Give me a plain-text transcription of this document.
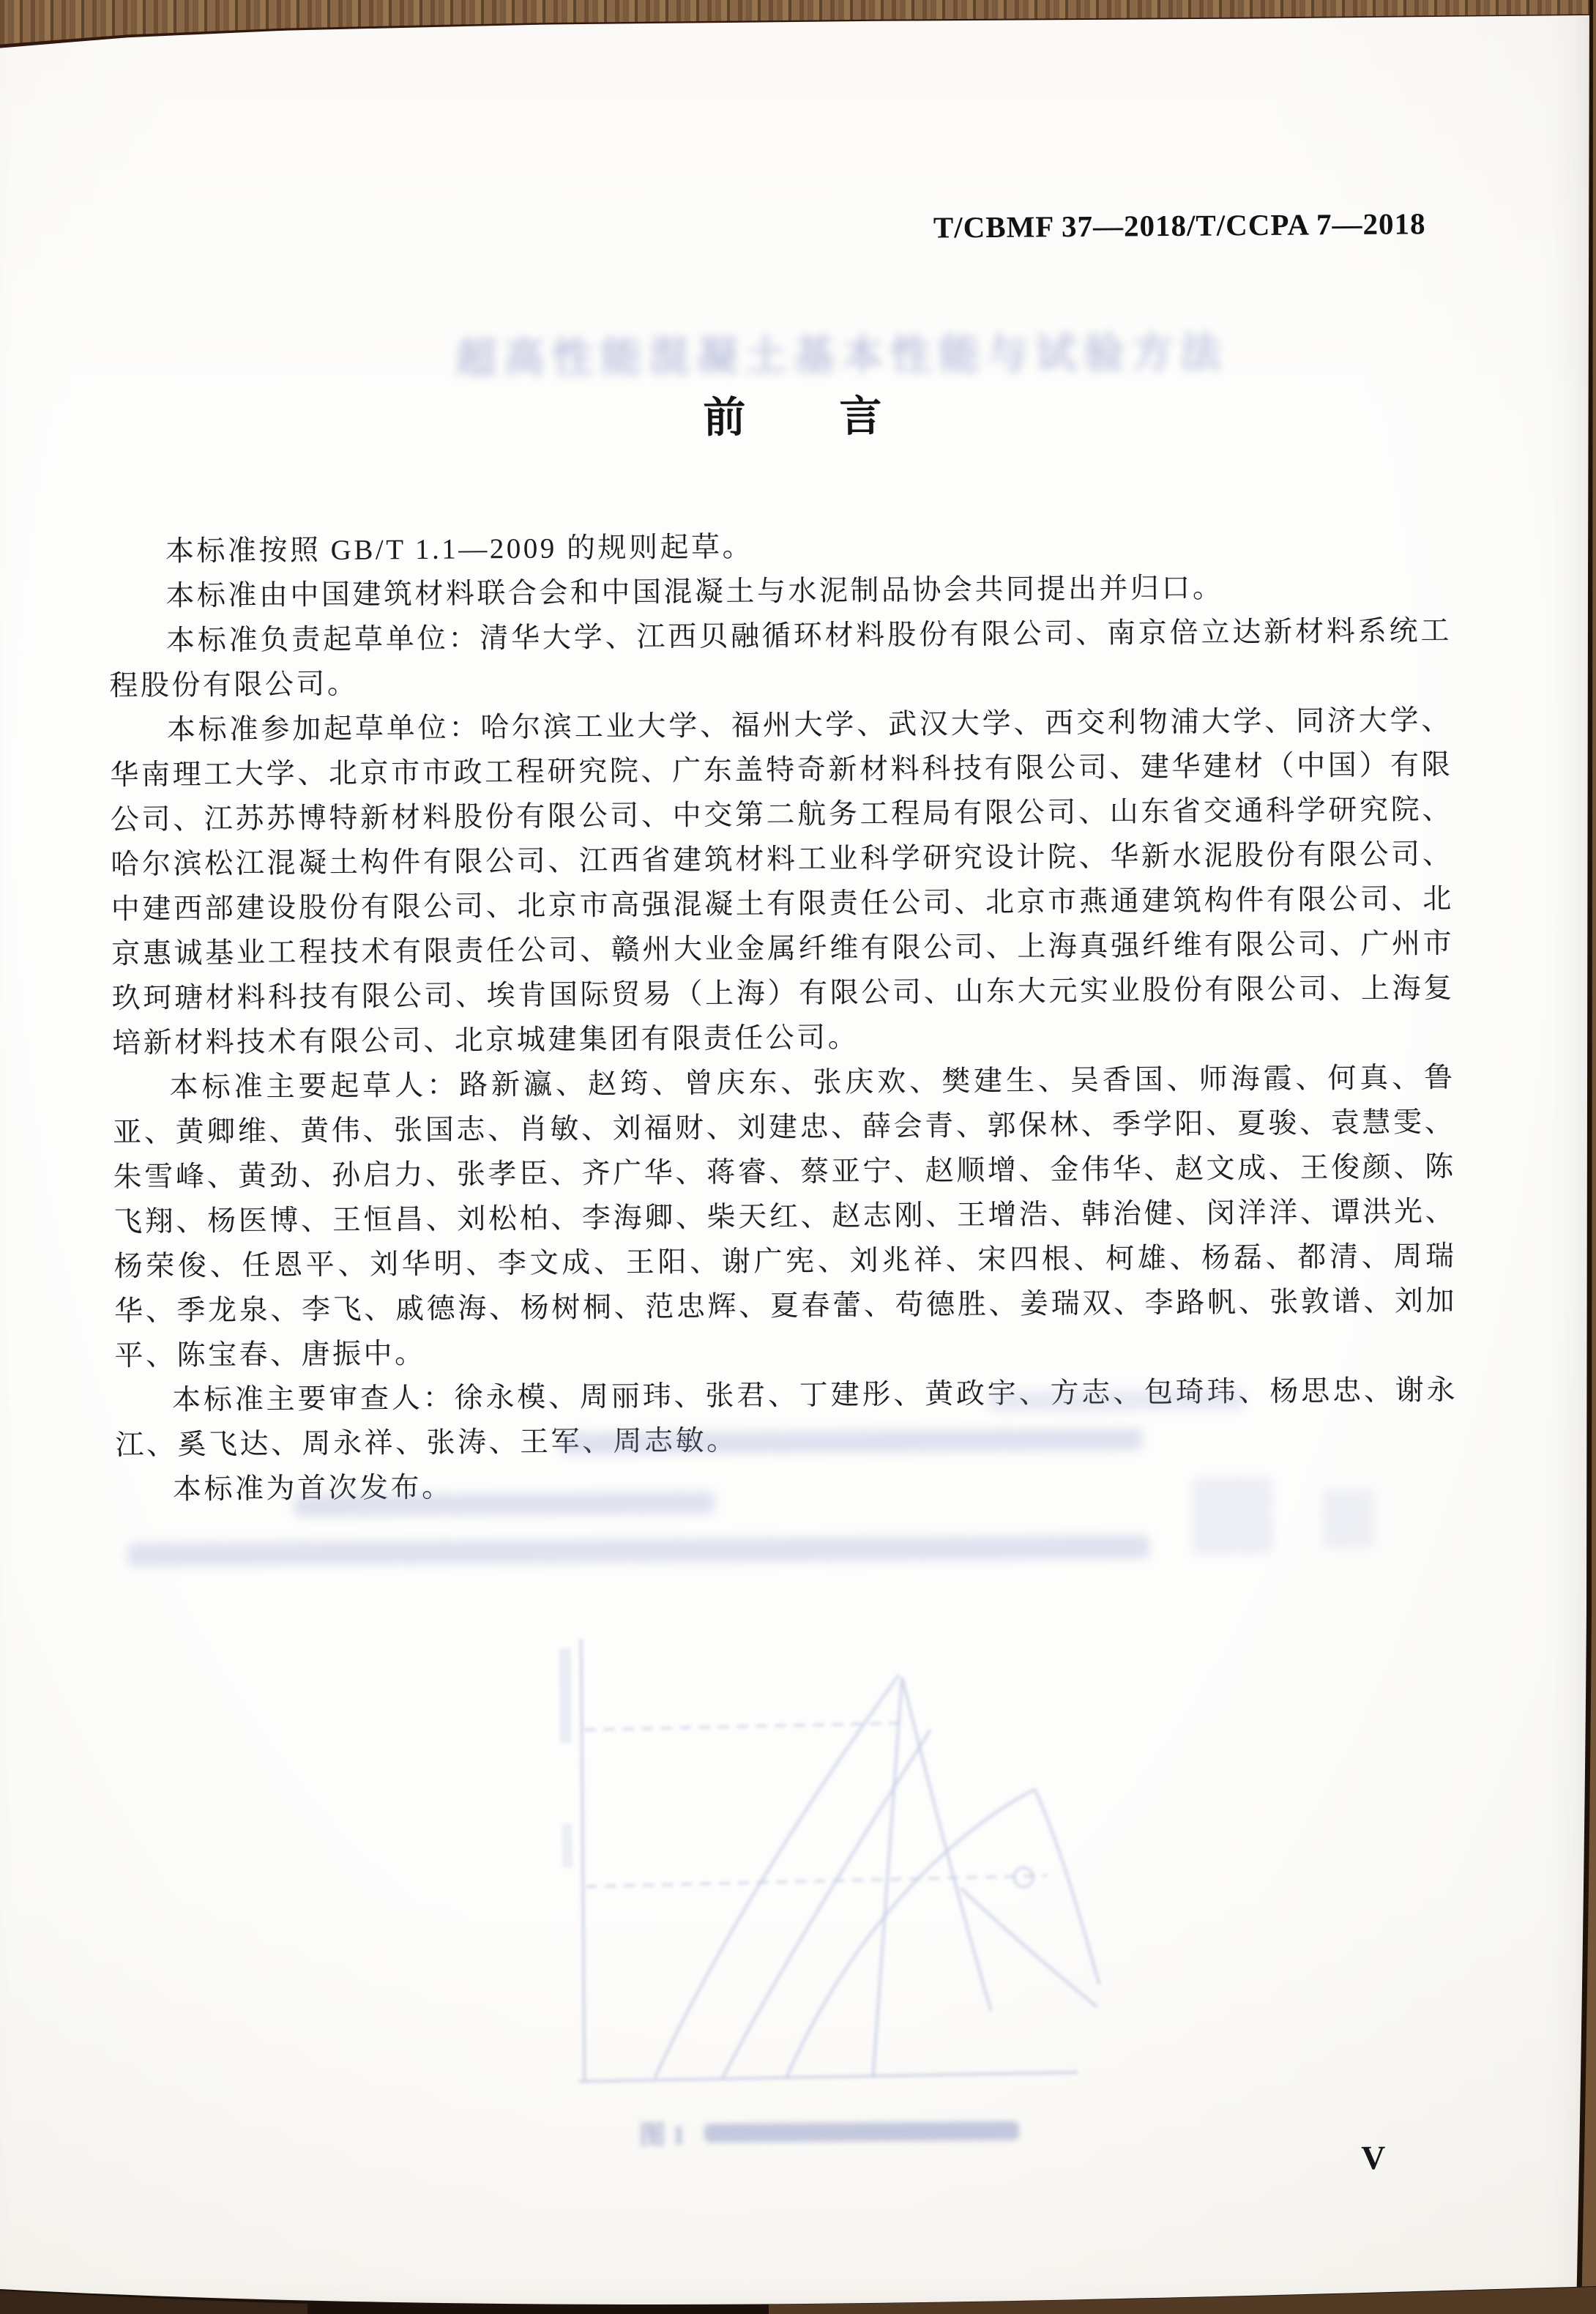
T/CBMF 37—2018/T/CCPA 7—2018
超高性能混凝土基本性能与试验方法
前　　言

本标准按照 GB/T 1.1—2009 的规则起草。

本标准由中国建筑材料联合会和中国混凝土与水泥制品协会共同提出并归口。

本标准负责起草单位：清华大学、江西贝融循环材料股份有限公司、南京倍立达新材料系统工程股份有限公司。

本标准参加起草单位：哈尔滨工业大学、福州大学、武汉大学、西交利物浦大学、同济大学、华南理工大学、北京市市政工程研究院、广东盖特奇新材料科技有限公司、建华建材（中国）有限公司、江苏苏博特新材料股份有限公司、中交第二航务工程局有限公司、山东省交通科学研究院、哈尔滨松江混凝土构件有限公司、江西省建筑材料工业科学研究设计院、华新水泥股份有限公司、中建西部建设股份有限公司、北京市高强混凝土有限责任公司、北京市燕通建筑构件有限公司、北京惠诚基业工程技术有限责任公司、赣州大业金属纤维有限公司、上海真强纤维有限公司、广州市玖珂瑭材料科技有限公司、埃肯国际贸易（上海）有限公司、山东大元实业股份有限公司、上海复培新材料技术有限公司、北京城建集团有限责任公司。

本标准主要起草人：路新瀛、赵筠、曾庆东、张庆欢、樊建生、吴香国、师海霞、何真、鲁亚、黄卿维、黄伟、张国志、肖敏、刘福财、刘建忠、薛会青、郭保林、季学阳、夏骏、袁慧雯、朱雪峰、黄劲、孙启力、张孝臣、齐广华、蒋睿、蔡亚宁、赵顺增、金伟华、赵文成、王俊颜、陈飞翔、杨医博、王恒昌、刘松柏、李海卿、柴天红、赵志刚、王增浩、韩治健、闵洋洋、谭洪光、杨荣俊、任恩平、刘华明、李文成、王阳、谢广宪、刘兆祥、宋四根、柯雄、杨磊、都清、周瑞华、季龙泉、李飞、戚德海、杨树桐、范忠辉、夏春蕾、苟德胜、姜瑞双、李路帆、张敦谱、刘加平、陈宝春、唐振中。

本标准主要审查人：徐永模、周丽玮、张君、丁建彤、黄政宇、方志、包琦玮、杨思忠、谢永江、奚飞达、周永祥、张涛、王军、周志敏。

本标准为首次发布。

图 1
V
